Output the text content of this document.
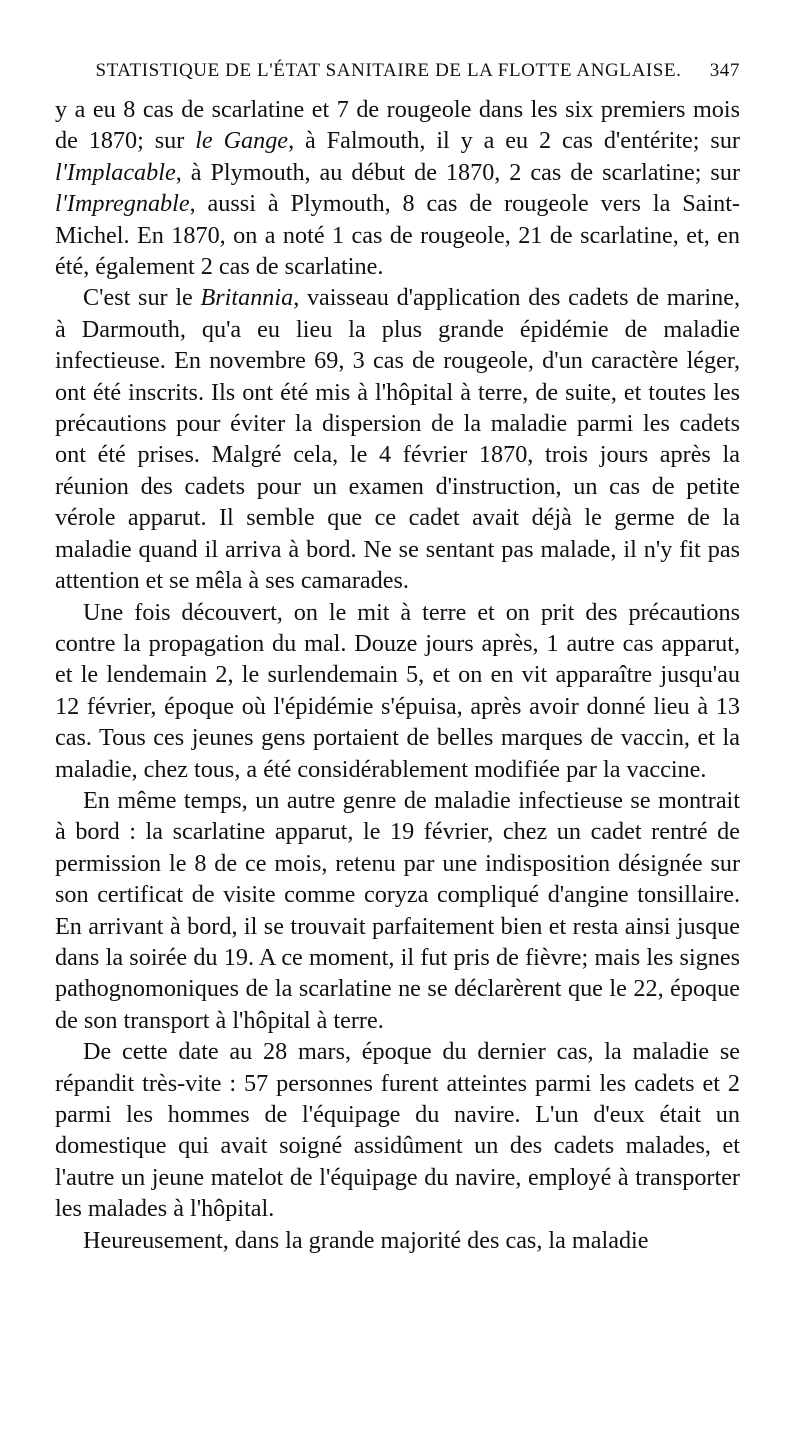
STATISTIQUE DE L'ÉTAT SANITAIRE DE LA FLOTTE ANGLAISE.	347

y a eu 8 cas de scarlatine et 7 de rougeole dans les six premiers mois de 1870; sur le Gange, à Falmouth, il y a eu 2 cas d'entérite; sur l'Implacable, à Plymouth, au début de 1870, 2 cas de scarlatine; sur l'Impregnable, aussi à Plymouth, 8 cas de rougeole vers la Saint-Michel. En 1870, on a noté 1 cas de rougeole, 21 de scarlatine, et, en été, également 2 cas de scarlatine.

C'est sur le Britannia, vaisseau d'application des cadets de marine, à Darmouth, qu'a eu lieu la plus grande épidémie de maladie infectieuse. En novembre 69, 3 cas de rougeole, d'un caractère léger, ont été inscrits. Ils ont été mis à l'hôpital à terre, de suite, et toutes les précautions pour éviter la dispersion de la maladie parmi les cadets ont été prises. Malgré cela, le 4 février 1870, trois jours après la réunion des cadets pour un examen d'instruction, un cas de petite vérole apparut. Il semble que ce cadet avait déjà le germe de la maladie quand il arriva à bord. Ne se sentant pas malade, il n'y fit pas attention et se mêla à ses camarades.

Une fois découvert, on le mit à terre et on prit des précautions contre la propagation du mal. Douze jours après, 1 autre cas apparut, et le lendemain 2, le surlendemain 5, et on en vit apparaître jusqu'au 12 février, époque où l'épidémie s'épuisa, après avoir donné lieu à 13 cas. Tous ces jeunes gens portaient de belles marques de vaccin, et la maladie, chez tous, a été considérablement modifiée par la vaccine.

En même temps, un autre genre de maladie infectieuse se montrait à bord : la scarlatine apparut, le 19 février, chez un cadet rentré de permission le 8 de ce mois, retenu par une indisposition désignée sur son certificat de visite comme coryza compliqué d'angine tonsillaire. En arrivant à bord, il se trouvait parfaitement bien et resta ainsi jusque dans la soirée du 19. A ce moment, il fut pris de fièvre; mais les signes pathognomoniques de la scarlatine ne se déclarèrent que le 22, époque de son transport à l'hôpital à terre.

De cette date au 28 mars, époque du dernier cas, la maladie se répandit très-vite : 57 personnes furent atteintes parmi les cadets et 2 parmi les hommes de l'équipage du navire. L'un d'eux était un domestique qui avait soigné assidûment un des cadets malades, et l'autre un jeune matelot de l'équipage du navire, employé à transporter les malades à l'hôpital.

Heureusement, dans la grande majorité des cas, la maladie
